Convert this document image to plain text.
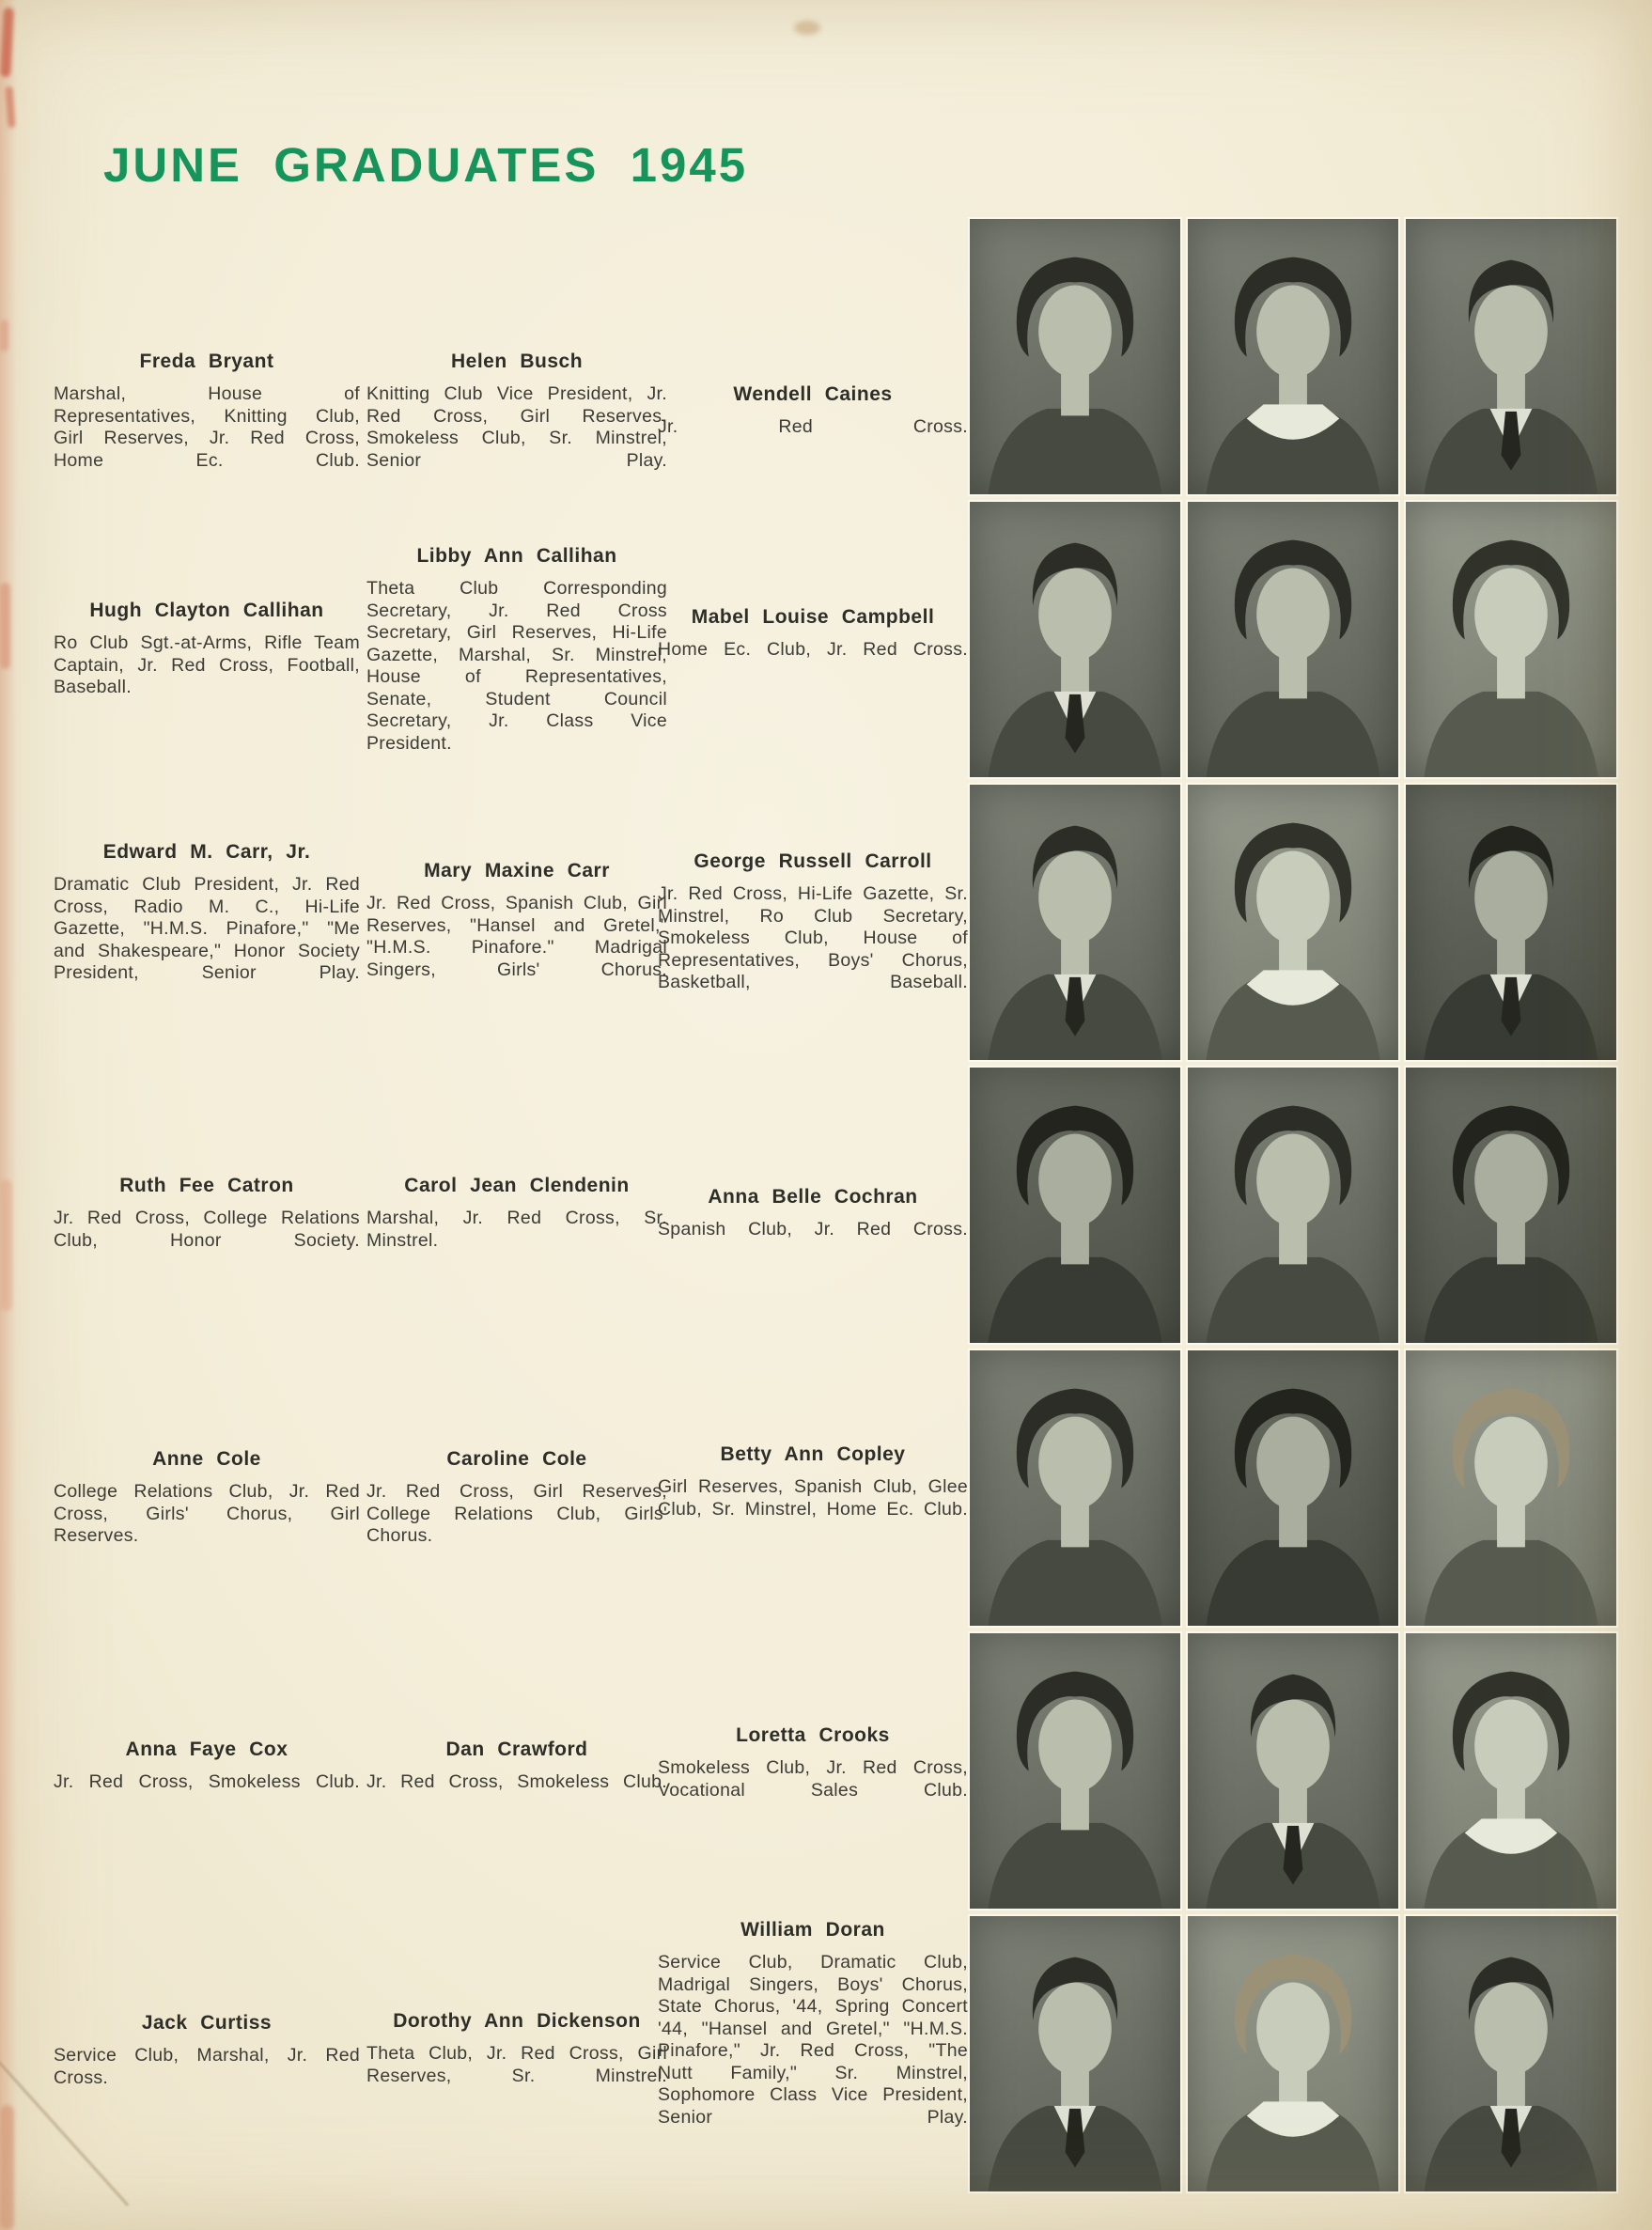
JUNE GRADUATES 1945
Freda Bryant
Marshal, House of Representatives, Knitting Club, Girl Reserves, Jr. Red Cross, Home Ec. Club.
Hugh Clayton Callihan
Ro Club Sgt.-at-Arms, Rifle Team Captain, Jr. Red Cross, Football, Baseball.
Edward M. Carr, Jr.
Dramatic Club President, Jr. Red Cross, Radio M. C., Hi-Life Gazette, "H.M.S. Pinafore," "Me and Shakespeare," Honor Society President, Senior Play.
Ruth Fee Catron
Jr. Red Cross, College Relations Club, Honor Society.
Anne Cole
College Relations Club, Jr. Red Cross, Girls' Chorus, Girl Reserves.
Anna Faye Cox
Jr. Red Cross, Smokeless Club.
Jack Curtiss
Service Club, Marshal, Jr. Red Cross.
Helen Busch
Knitting Club Vice President, Jr. Red Cross, Girl Reserves, Smokeless Club, Sr. Minstrel, Senior Play.
Libby Ann Callihan
Theta Club Corresponding Secretary, Jr. Red Cross Secretary, Girl Reserves, Hi-Life Gazette, Marshal, Sr. Minstrel, House of Representatives, Senate, Student Council Secretary, Jr. Class Vice President.
Mary Maxine Carr
Jr. Red Cross, Spanish Club, Girl Reserves, "Hansel and Gretel," "H.M.S. Pinafore." Madrigal Singers, Girls' Chorus.
Carol Jean Clendenin
Marshal, Jr. Red Cross, Sr. Minstrel.
Caroline Cole
Jr. Red Cross, Girl Reserves, College Relations Club, Girls' Chorus.
Dan Crawford
Jr. Red Cross, Smokeless Club.
Dorothy Ann Dickenson
Theta Club, Jr. Red Cross, Girl Reserves, Sr. Minstrel.
Wendell Caines
Jr. Red Cross.
Mabel Louise Campbell
Home Ec. Club, Jr. Red Cross.
George Russell Carroll
Jr. Red Cross, Hi-Life Gazette, Sr. Minstrel, Ro Club Secretary, Smokeless Club, House of Representatives, Boys' Chorus, Basketball, Baseball.
Anna Belle Cochran
Spanish Club, Jr. Red Cross.
Betty Ann Copley
Girl Reserves, Spanish Club, Glee Club, Sr. Minstrel, Home Ec. Club.
Loretta Crooks
Smokeless Club, Jr. Red Cross, Vocational Sales Club.
William Doran
Service Club, Dramatic Club, Madrigal Singers, Boys' Chorus, State Chorus, '44, Spring Concert '44, "Hansel and Gretel," "H.M.S. Pinafore," Jr. Red Cross, "The Nutt Family," Sr. Minstrel, Sophomore Class Vice President, Senior Play.
